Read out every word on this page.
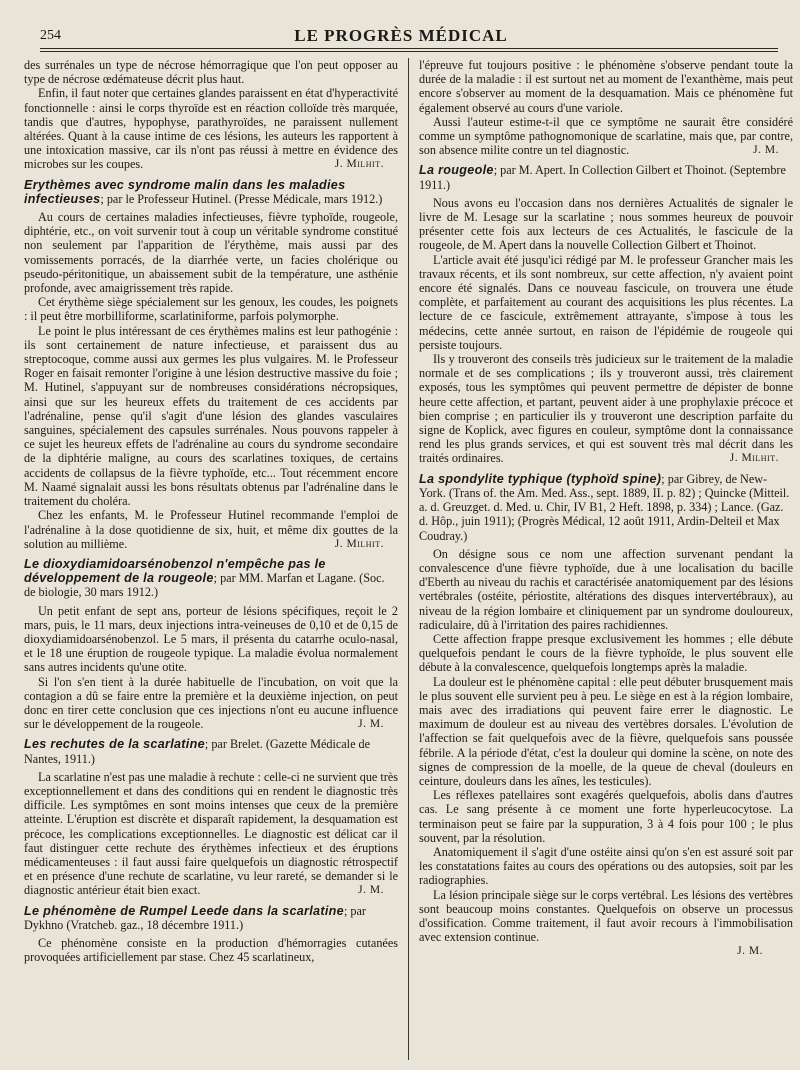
254	LE PROGRÈS MÉDICAL

des surrénales un type de nécrose hémorragique que l'on peut opposer au type de nécrose œdémateuse décrit plus haut.

Enfin, il faut noter que certaines glandes paraissent en état d'hyperactivité fonctionnelle : ainsi le corps thyroïde est en réaction colloïde très marquée, tandis que d'autres, hypophyse, parathyroïdes, ne paraissent nullement altérées. Quant à la cause intime de ces lésions, les auteurs les rapportent à une intoxication massive, car ils n'ont pas réussi à mettre en évidence des microbes sur les coupes.	J. Milhit.

Erythèmes avec syndrome malin dans les maladies infectieuses; par le Professeur Hutinel. (Presse Médicale, mars 1912.)

Au cours de certaines maladies infectieuses, fièvre typhoïde, rougeole, diphtérie, etc., on voit survenir tout à coup un véritable syndrome constitué non seulement par l'apparition de l'érythème, mais aussi par des vomissements porracés, de la diarrhée verte, un facies cholérique ou pseudo-péritonitique, un abaissement subit de la température, une asthénie profonde, avec amaigrissement très rapide.

Cet érythème siège spécialement sur les genoux, les coudes, les poignets : il peut être morbilliforme, scarlatiniforme, parfois polymorphe.

Le point le plus intéressant de ces érythèmes malins est leur pathogénie : ils sont certainement de nature infectieuse, et paraissent dus au streptocoque, comme aussi aux germes les plus vulgaires. M. le Professeur Roger en faisait remonter l'origine à une lésion destructive massive du foie ; M. Hutinel, s'appuyant sur de nombreuses considérations nécropsiques, ainsi que sur les heureux effets du traitement de ces accidents par l'adrénaline, pense qu'il s'agit d'une lésion des glandes vasculaires sanguines, spécialement des capsules surrénales. Nous pouvons rappeler à ce sujet les heureux effets de l'adrénaline au cours du syndrome secondaire de la diphtérie maligne, au cours des scarlatines toxiques, de certains accidents de collapsus de la fièvre typhoïde, etc... Tout récemment encore M. Naamé signalait aussi les bons résultats obtenus par l'adrénaline dans le traitement du choléra.

Chez les enfants, M. le Professeur Hutinel recommande l'emploi de l'adrénaline à la dose quotidienne de six, huit, et même dix gouttes de la solution au millième.	J. Milhit.

Le dioxydiamidoarsénobenzol n'empêche pas le développement de la rougeole; par MM. Marfan et Lagane. (Soc. de biologie, 30 mars 1912.)

Un petit enfant de sept ans, porteur de lésions spécifiques, reçoit le 2 mars, puis, le 11 mars, deux injections intra-veineuses de 0,10 et de 0,15 de dioxydiamidoarsénobenzol. Le 5 mars, il présenta du catarrhe oculo-nasal, et le 18 une éruption de rougeole typique. La maladie évolua normalement sans autres incidents qu'une otite.

Si l'on s'en tient à la durée habituelle de l'incubation, on voit que la contagion a dû se faire entre la première et la deuxième injection, on peut donc en tirer cette conclusion que ces injections n'ont eu aucune influence sur le développement de la rougeole.	J. M.

Les rechutes de la scarlatine; par Brelet. (Gazette Médicale de Nantes, 1911.)

La scarlatine n'est pas une maladie à rechute : celle-ci ne survient que très exceptionnellement et dans des conditions qui en rendent le diagnostic très difficile. Les symptômes en sont moins intenses que ceux de la première atteinte. L'éruption est discrète et disparaît rapidement, la desquamation est précoce, les complications exceptionnelles. Le diagnostic est délicat car il faut distinguer cette rechute des érythèmes infectieux et des éruptions médicamenteuses : il faut aussi faire quelquefois un diagnostic rétrospectif et en présence d'une rechute de scarlatine, vu leur rareté, se demander si le diagnostic antérieur était bien exact.	J. M.

Le phénomène de Rumpel Leede dans la scarlatine; par Dykhno (Vratcheb. gaz., 18 décembre 1911.)

Ce phénomène consiste en la production d'hémorragies cutanées provoquées artificiellement par stase. Chez 45 scarlatineux,

l'épreuve fut toujours positive : le phénomène s'observe pendant toute la durée de la maladie : il est surtout net au moment de l'exanthème, mais peut encore s'observer au moment de la desquamation. Mais ce phénomène fut également observé au cours d'une variole.

Aussi l'auteur estime-t-il que ce symptôme ne saurait être considéré comme un symptôme pathognomonique de scarlatine, mais que, par contre, son absence milite contre un tel diagnostic.	J. M.

La rougeole; par M. Apert. In Collection Gilbert et Thoinot. (Septembre 1911.)

Nous avons eu l'occasion dans nos dernières Actualités de signaler le livre de M. Lesage sur la scarlatine ; nous sommes heureux de pouvoir présenter cette fois aux lecteurs de ces Actualités, le fascicule de la rougeole, de M. Apert dans la nouvelle Collection Gilbert et Thoinot.

L'article avait été jusqu'ici rédigé par M. le professeur Grancher mais les travaux récents, et ils sont nombreux, sur cette affection, n'y avaient point encore été signalés. Dans ce nouveau fascicule, on trouvera une étude complète, et parfaitement au courant des acquisitions les plus récentes. La lecture de ce fascicule, extrêmement attrayante, s'impose à tous les médecins, cette année surtout, en raison de l'épidémie de rougeole qui persiste toujours.

Ils y trouveront des conseils très judicieux sur le traitement de la maladie normale et de ses complications ; ils y trouveront aussi, très clairement exposés, tous les symptômes qui peuvent permettre de dépister de bonne heure cette affection, et partant, peuvent aider à une prophylaxie précoce et bien comprise ; en particulier ils y trouveront une description parfaite du signe de Koplick, avec figures en couleur, symptôme dont la connaissance rend les plus grands services, et qui est souvent très mal décrit dans les traités ordinaires.	J. Milhit.

La spondylite typhique (typhoïd spine); par Gibrey, de New-York. (Trans of. the Am. Med. Ass., sept. 1889, II. p. 82) ; Quincke (Mitteil. a. d. Greuzget. d. Med. u. Chir, IV B1, 2 Heft. 1898, p. 334) ; Lance. (Gaz. d. Hôp., juin 1911); (Progrès Médical, 12 août 1911, Ardin-Delteil et Max Coudray.)

On désigne sous ce nom une affection survenant pendant la convalescence d'une fièvre typhoïde, due à une localisation du bacille d'Eberth au niveau du rachis et caractérisée anatomiquement par des lésions vertébrales (ostéite, périostite, altérations des disques intervertébraux), au niveau de la région lombaire et cliniquement par un syndrome douloureux, radiculaire, dû à l'irritation des paires rachidiennes.

Cette affection frappe presque exclusivement les hommes ; elle débute quelquefois pendant le cours de la fièvre typhoïde, le plus souvent elle débute à la convalescence, quelquefois longtemps après la maladie.

La douleur est le phénomène capital : elle peut débuter brusquement mais le plus souvent elle survient peu à peu. Le siège en est à la région lombaire, mais avec des irradiations qui peuvent faire errer le diagnostic. Le maximum de douleur est au niveau des vertèbres dorsales. L'évolution de l'affection se fait quelquefois avec de la fièvre, quelquefois sans poussée fébrile. A la période d'état, c'est la douleur qui domine la scène, on note des signes de compression de la moelle, de la queue de cheval (douleurs en ceinture, douleurs dans les aînes, les testicules).

Les réflexes patellaires sont exagérés quelquefois, abolis dans d'autres cas. Le sang présente à ce moment une forte hyperleucocytose. La terminaison peut se faire par la suppuration, 3 à 4 fois pour 100 ; le plus souvent, par la résolution.

Anatomiquement il s'agit d'une ostéite ainsi qu'on s'en est assuré soit par les constatations faites au cours des opérations ou des autopsies, soit par les radiographies.

La lésion principale siège sur le corps vertébral. Les lésions des vertèbres sont beaucoup moins constantes. Quelquefois on observe un processus d'ossification. Comme traitement, il faut avoir recours à l'immobilisation avec extension continue.

J. M.
